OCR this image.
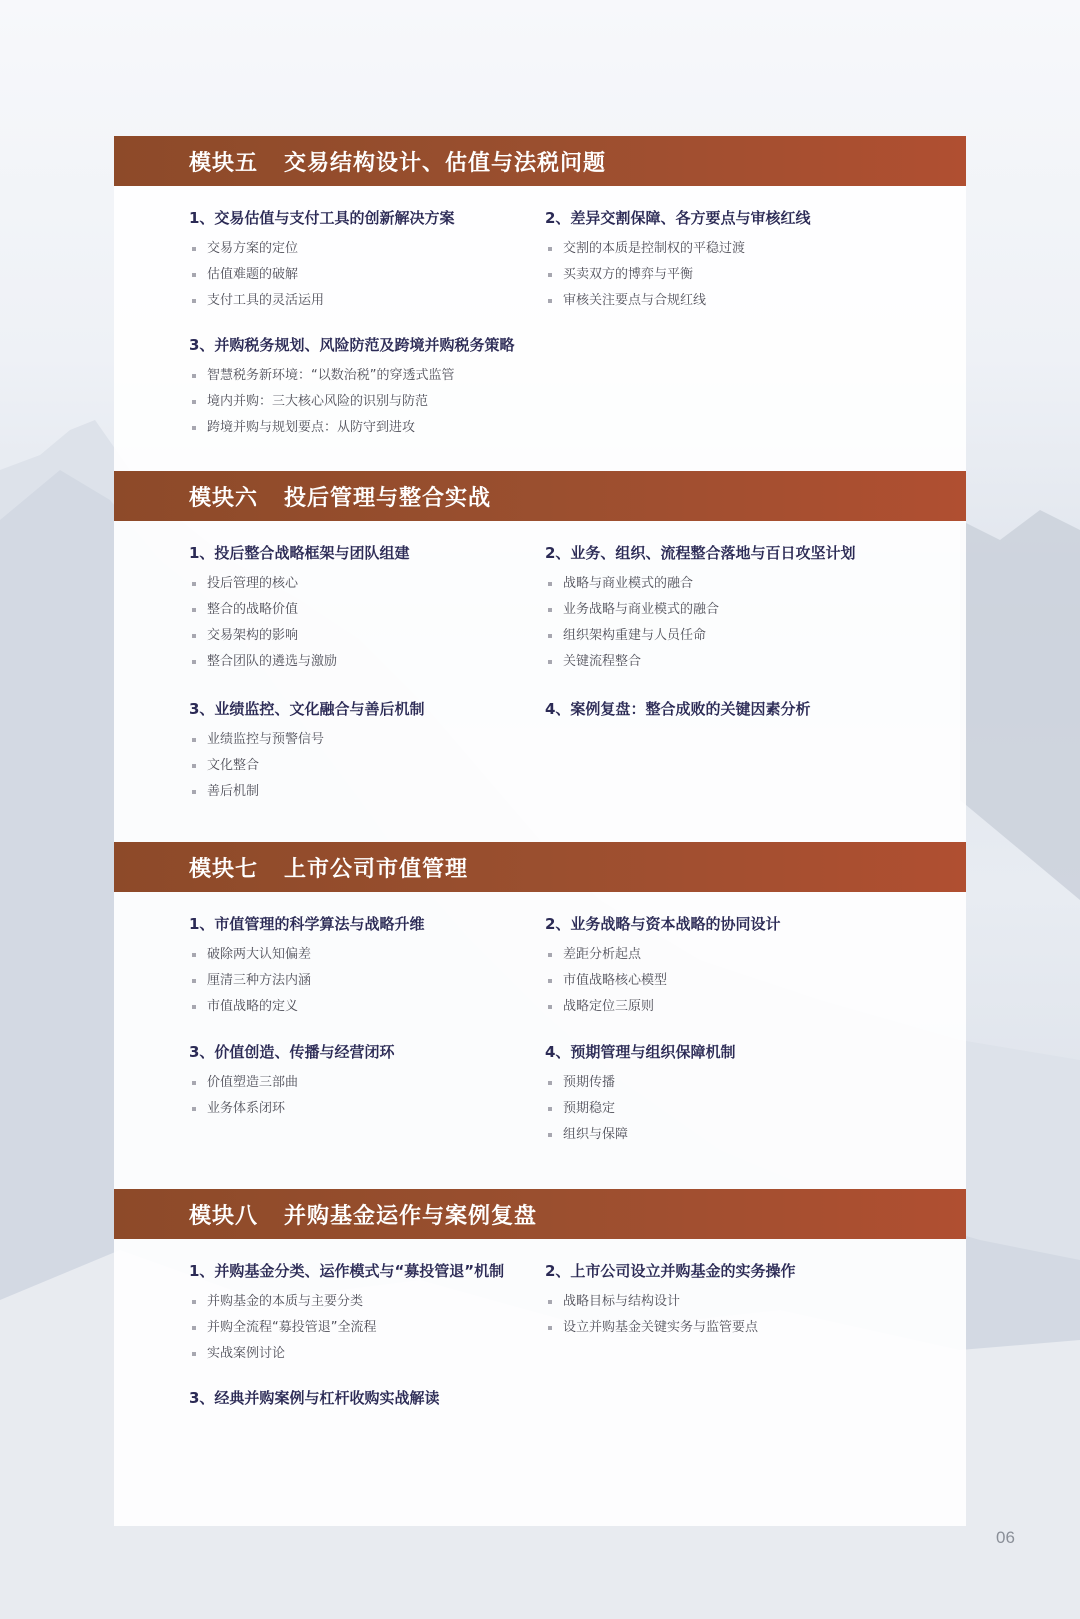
模块五   交易结构设计、估值与法税问题
1、交易估值与支付工具的创新解决方案
交易方案的定位
估值难题的破解
支付工具的灵活运用
2、差异交割保障、各方要点与审核红线
交割的本质是控制权的平稳过渡
买卖双方的博弈与平衡
审核关注要点与合规红线
3、并购税务规划、风险防范及跨境并购税务策略
智慧税务新环境：“以数治税”的穿透式监管
境内并购：三大核心风险的识别与防范
跨境并购与规划要点：从防守到进攻
模块六   投后管理与整合实战
1、投后整合战略框架与团队组建
投后管理的核心
整合的战略价值
交易架构的影响
整合团队的遴选与激励
2、业务、组织、流程整合落地与百日攻坚计划
战略与商业模式的融合
业务战略与商业模式的融合
组织架构重建与人员任命
关键流程整合
3、业绩监控、文化融合与善后机制
业绩监控与预警信号
文化整合
善后机制
4、案例复盘：整合成败的关键因素分析
模块七   上市公司市值管理
1、市值管理的科学算法与战略升维
破除两大认知偏差
厘清三种方法内涵
市值战略的定义
2、业务战略与资本战略的协同设计
差距分析起点
市值战略核心模型
战略定位三原则
3、价值创造、传播与经营闭环
价值塑造三部曲
业务体系闭环
4、预期管理与组织保障机制
预期传播
预期稳定
组织与保障
模块八   并购基金运作与案例复盘
1、并购基金分类、运作模式与“募投管退”机制
并购基金的本质与主要分类
并购全流程“募投管退”全流程
实战案例讨论
2、上市公司设立并购基金的实务操作
战略目标与结构设计
设立并购基金关键实务与监管要点
3、经典并购案例与杠杆收购实战解读
06
